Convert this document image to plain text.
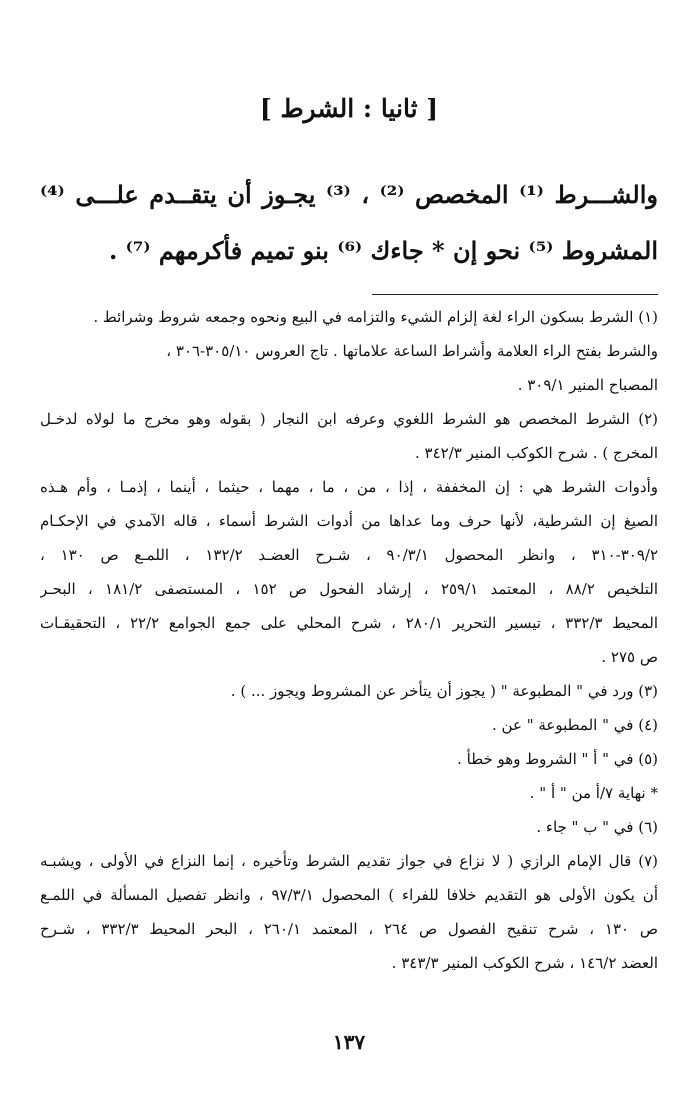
[ ثانيا : الشرط ]
والشـــرط ⁽¹⁾ المخصص ⁽²⁾ ، ⁽³⁾ يجـوز أن يتقــدم علـــى ⁽⁴⁾
المشروط ⁽⁵⁾ نحو إن * جاءك ⁽⁶⁾ بنو تميم فأكرمهم ⁽⁷⁾ .
(١) الشرط بسكون الراء لغة إلزام الشيء والتزامه في البيع ونحوه وجمعه شروط وشرائط .
والشرط بفتح الراء العلامة وأشراط الساعة علاماتها . تاج العروس ٣٠٥/١٠-٣٠٦ ،
المصباح المنير ٣٠٩/١ .
(٢) الشرط المخصص هو الشرط اللغوي وعرفه ابن النجار ( بقوله وهو مخرج ما لولاه لدخـل
المخرج ) . شرح الكوكب المنير ٣٤٢/٣ .
وأدوات الشرط هي : إن المخففة ، إذا ، من ، ما ، مهما ، حيثما ، أينما ، إذمـا ، وأم هـذه
الصيغ إن الشرطية، لأنها حرف وما عداها من أدوات الشرط أسماء ، قاله الآمدي في الإحكـام
٣٠٩/٢-٣١٠ ، وانظر المحصول ٩٠/٣/١ ، شـرح العضـد ١٣٢/٢ ، اللمـع ص ١٣٠ ،
التلخيص ٨٨/٢ ، المعتمد ٢٥٩/١ ، إرشاد الفحول ص ١٥٢ ، المستصفى ١٨١/٢ ، البحـر
المحيط ٣٣٢/٣ ، تيسير التحرير ٢٨٠/١ ، شرح المحلي على جمع الجوامع ٢٢/٢ ، التحقيقـات
ص ٢٧٥ .
(٣) ورد في " المطبوعة " ( يجوز أن يتأخر عن المشروط ويجوز ... ) .
(٤) في " المطبوعة " عن .
(٥) في " أ " الشروط وهو خطأ .
* نهاية ٧/أ من " أ " .
(٦) في " ب " جاء .
(٧) قال الإمام الرازي ( لا نزاع في جواز تقديم الشرط وتأخيره ، إنما النزاع في الأولى ، ويشبـه
أن يكون الأولى هو التقديم خلافا للفراء ) المحصول ٩٧/٣/١ ، وانظر تفصيل المسألة في اللمـع
ص ١٣٠ ، شرح تنقيح الفصول ص ٢٦٤ ، المعتمد ٢٦٠/١ ، البحر المحيط ٣٣٢/٣ ، شـرح
العضد ١٤٦/٢ ، شرح الكوكب المنير ٣٤٣/٣ .
١٣٧
